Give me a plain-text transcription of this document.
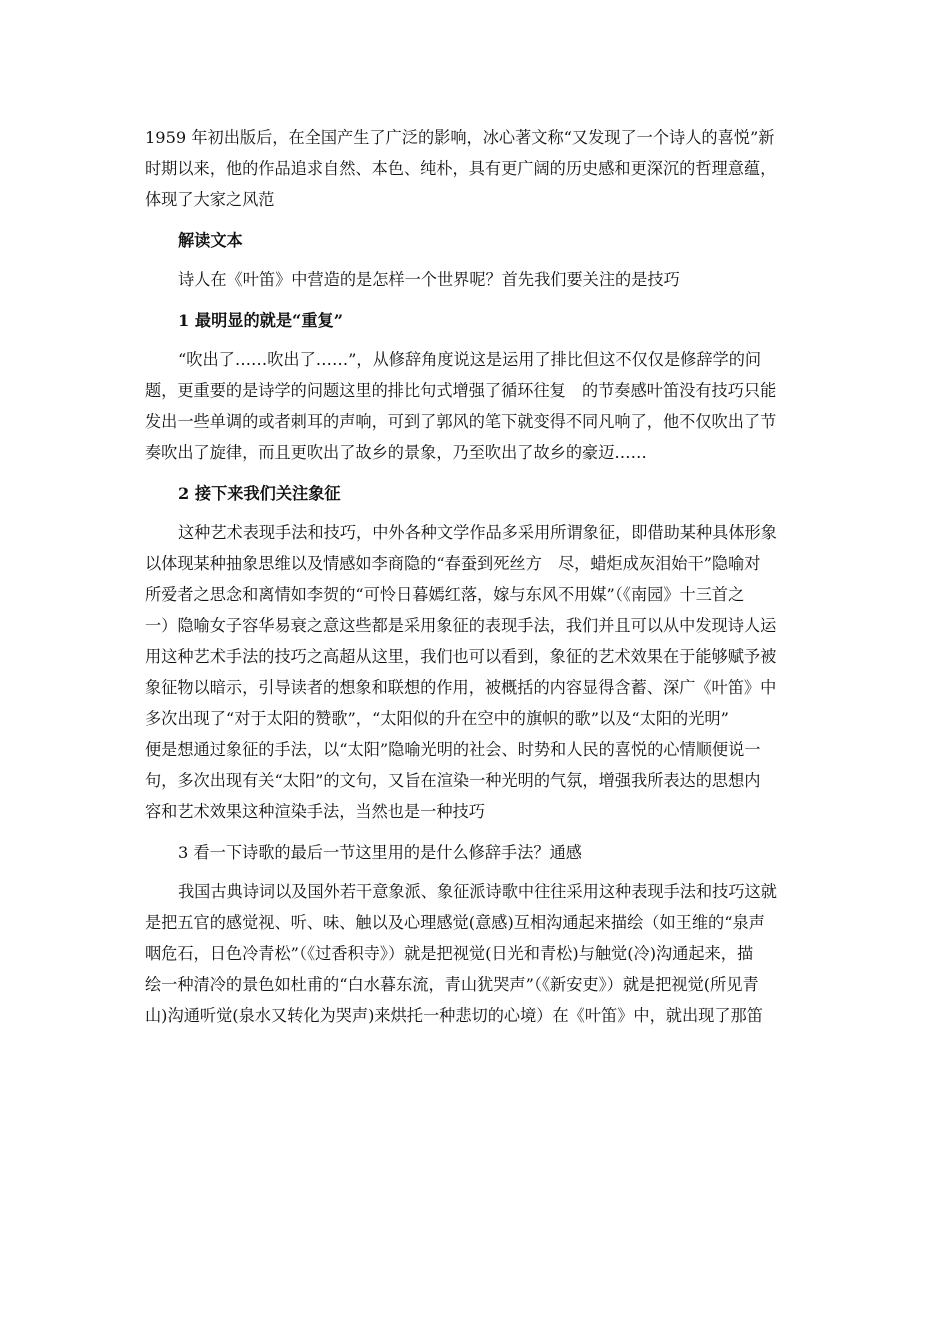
1959 年初出版后，在全国产生了广泛的影响，冰心著文称“又发现了一个诗人的喜悦”新
时期以来，他的作品追求自然、本色、纯朴，具有更广阔的历史感和更深沉的哲理意蕴，
体现了大家之风范
解读文本
诗人在《叶笛》中营造的是怎样一个世界呢？首先我们要关注的是技巧
1 最明显的就是“重复”
“吹出了……吹出了……”，从修辞角度说这是运用了排比但这不仅仅是修辞学的问
题，更重要的是诗学的问题这里的排比句式增强了循环往复　的节奏感叶笛没有技巧只能
发出一些单调的或者刺耳的声响，可到了郭风的笔下就变得不同凡响了，他不仅吹出了节
奏吹出了旋律，而且更吹出了故乡的景象，乃至吹出了故乡的豪迈……
2 接下来我们关注象征
这种艺术表现手法和技巧，中外各种文学作品多采用所谓象征，即借助某种具体形象
以体现某种抽象思维以及情感如李商隐的“春蚕到死丝方　尽，蜡炬成灰泪始干”隐喻对
所爱者之思念和离情如李贺的“可怜日暮嫣红落，嫁与东风不用媒”（《南园》十三首之
一）隐喻女子容华易衰之意这些都是采用象征的表现手法，我们并且可以从中发现诗人运
用这种艺术手法的技巧之高超从这里，我们也可以看到，象征的艺术效果在于能够赋予被
象征物以暗示，引导读者的想象和联想的作用，被概括的内容显得含蓄、深广《叶笛》中
多次出现了“对于太阳的赞歌”，“太阳似的升在空中的旗帜的歌”以及“太阳的光明”
便是想通过象征的手法，以“太阳”隐喻光明的社会、时势和人民的喜悦的心情顺便说一
句，多次出现有关“太阳”的文句，又旨在渲染一种光明的气氛，增强我所表达的思想内
容和艺术效果这种渲染手法，当然也是一种技巧
3 看一下诗歌的最后一节这里用的是什么修辞手法？通感
我国古典诗词以及国外若干意象派、象征派诗歌中往往采用这种表现手法和技巧这就
是把五官的感觉视、听、味、触以及心理感觉(意感)互相沟通起来描绘（如王维的“泉声
咽危石，日色冷青松”（《过香积寺》）就是把视觉(日光和青松)与触觉(冷)沟通起来，描
绘一种清冷的景色如杜甫的“白水暮东流，青山犹哭声”（《新安吏》）就是把视觉(所见青
山)沟通听觉(泉水又转化为哭声)来烘托一种悲切的心境）在《叶笛》中，就出现了那笛
